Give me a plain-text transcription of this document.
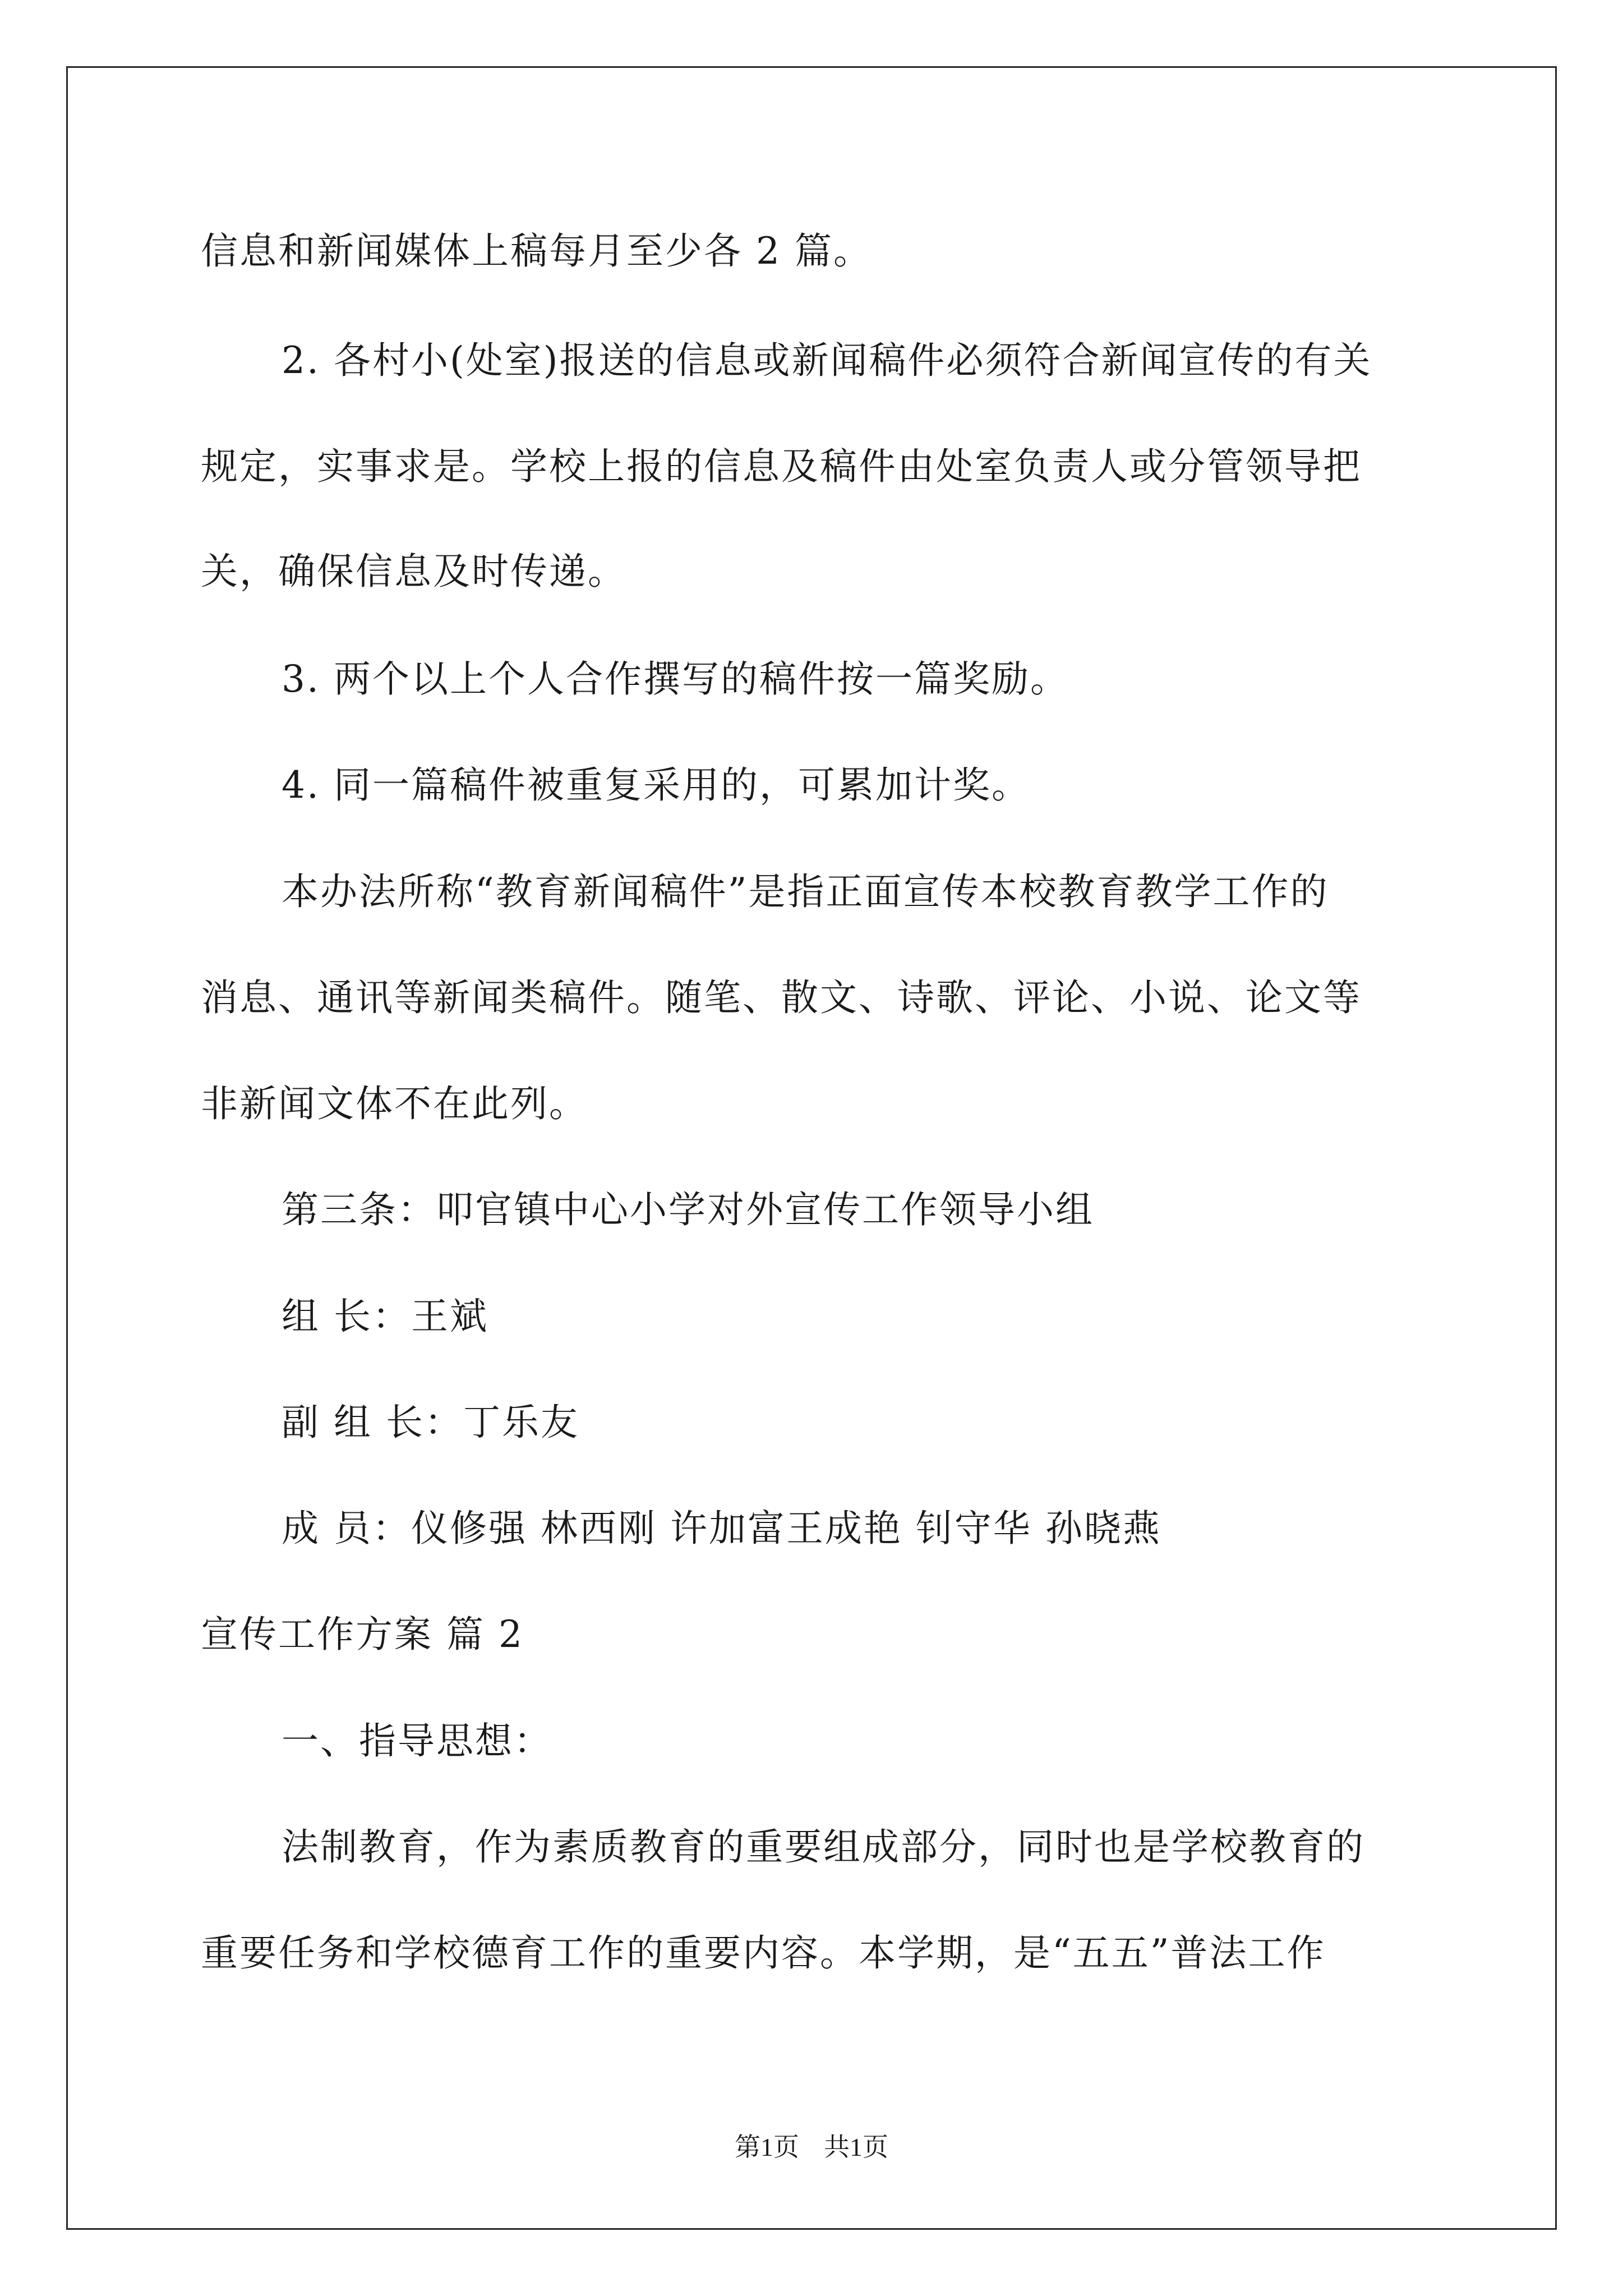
信息和新闻媒体上稿每月至少各 2 篇。

2. 各村小(处室)报送的信息或新闻稿件必须符合新闻宣传的有关

规定，实事求是。学校上报的信息及稿件由处室负责人或分管领导把

关，确保信息及时传递。

3. 两个以上个人合作撰写的稿件按一篇奖励。

4. 同一篇稿件被重复采用的，可累加计奖。

本办法所称“教育新闻稿件”是指正面宣传本校教育教学工作的

消息、通讯等新闻类稿件。随笔、散文、诗歌、评论、小说、论文等

非新闻文体不在此列。

第三条：叩官镇中心小学对外宣传工作领导小组

组 长：王斌

副 组 长：丁乐友

成 员：仪修强 林西刚 许加富王成艳 钊守华 孙晓燕

宣传工作方案 篇 2

一、指导思想：

法制教育，作为素质教育的重要组成部分，同时也是学校教育的

重要任务和学校德育工作的重要内容。本学期，是“五五”普法工作

第1页 共1页
